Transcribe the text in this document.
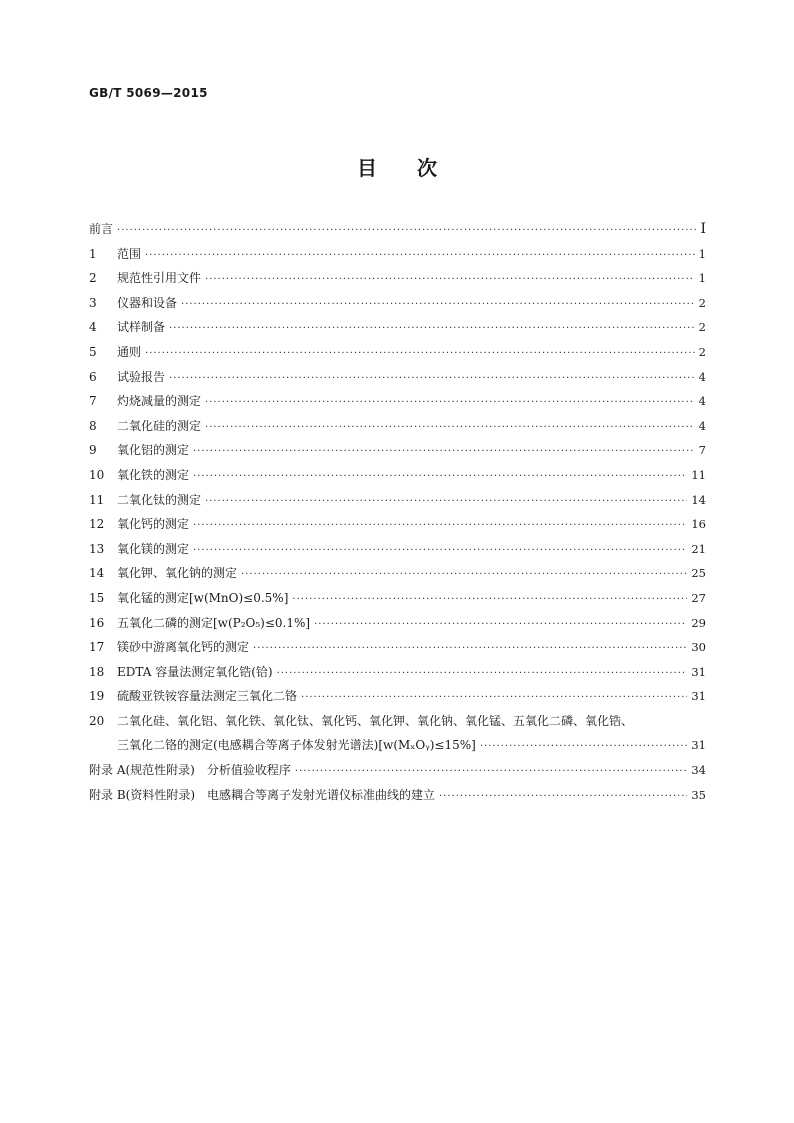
GB/T 5069—2015
目　　次
前言 ·····	Ⅰ
1	范围 ·····	1
2	规范性引用文件 ·····	1
3	仪器和设备 ·····	2
4	试样制备 ·····	2
5	通则 ·····	2
6	试验报告 ·····	4
7	灼烧减量的测定 ·····	4
8	二氧化硅的测定 ·····	4
9	氧化铝的测定 ·····	7
10	氧化铁的测定 ·····	11
11	二氧化钛的测定 ·····	14
12	氧化钙的测定 ·····	16
13	氧化镁的测定 ·····	21
14	氧化钾、氧化钠的测定 ·····	25
15	氧化锰的测定[w(MnO)≤0.5%] ·····	27
16	五氧化二磷的测定[w(P₂O₅)≤0.1%] ·····	29
17	镁砂中游离氧化钙的测定 ·····	30
18	EDTA 容量法测定氧化锆(铪) ·····	31
19	硫酸亚铁铵容量法测定三氧化二铬 ·····	31
20	二氧化硅、氧化铝、氧化铁、氧化钛、氧化钙、氧化钾、氧化钠、氧化锰、五氧化二磷、氧化锆、
三氧化二铬的测定(电感耦合等离子体发射光谱法)[w(MₓOᵧ)≤15%] ·····	31
附录 A(规范性附录)　分析值验收程序 ·····	34
附录 B(资料性附录)　电感耦合等离子发射光谱仪标准曲线的建立 ·····	35
